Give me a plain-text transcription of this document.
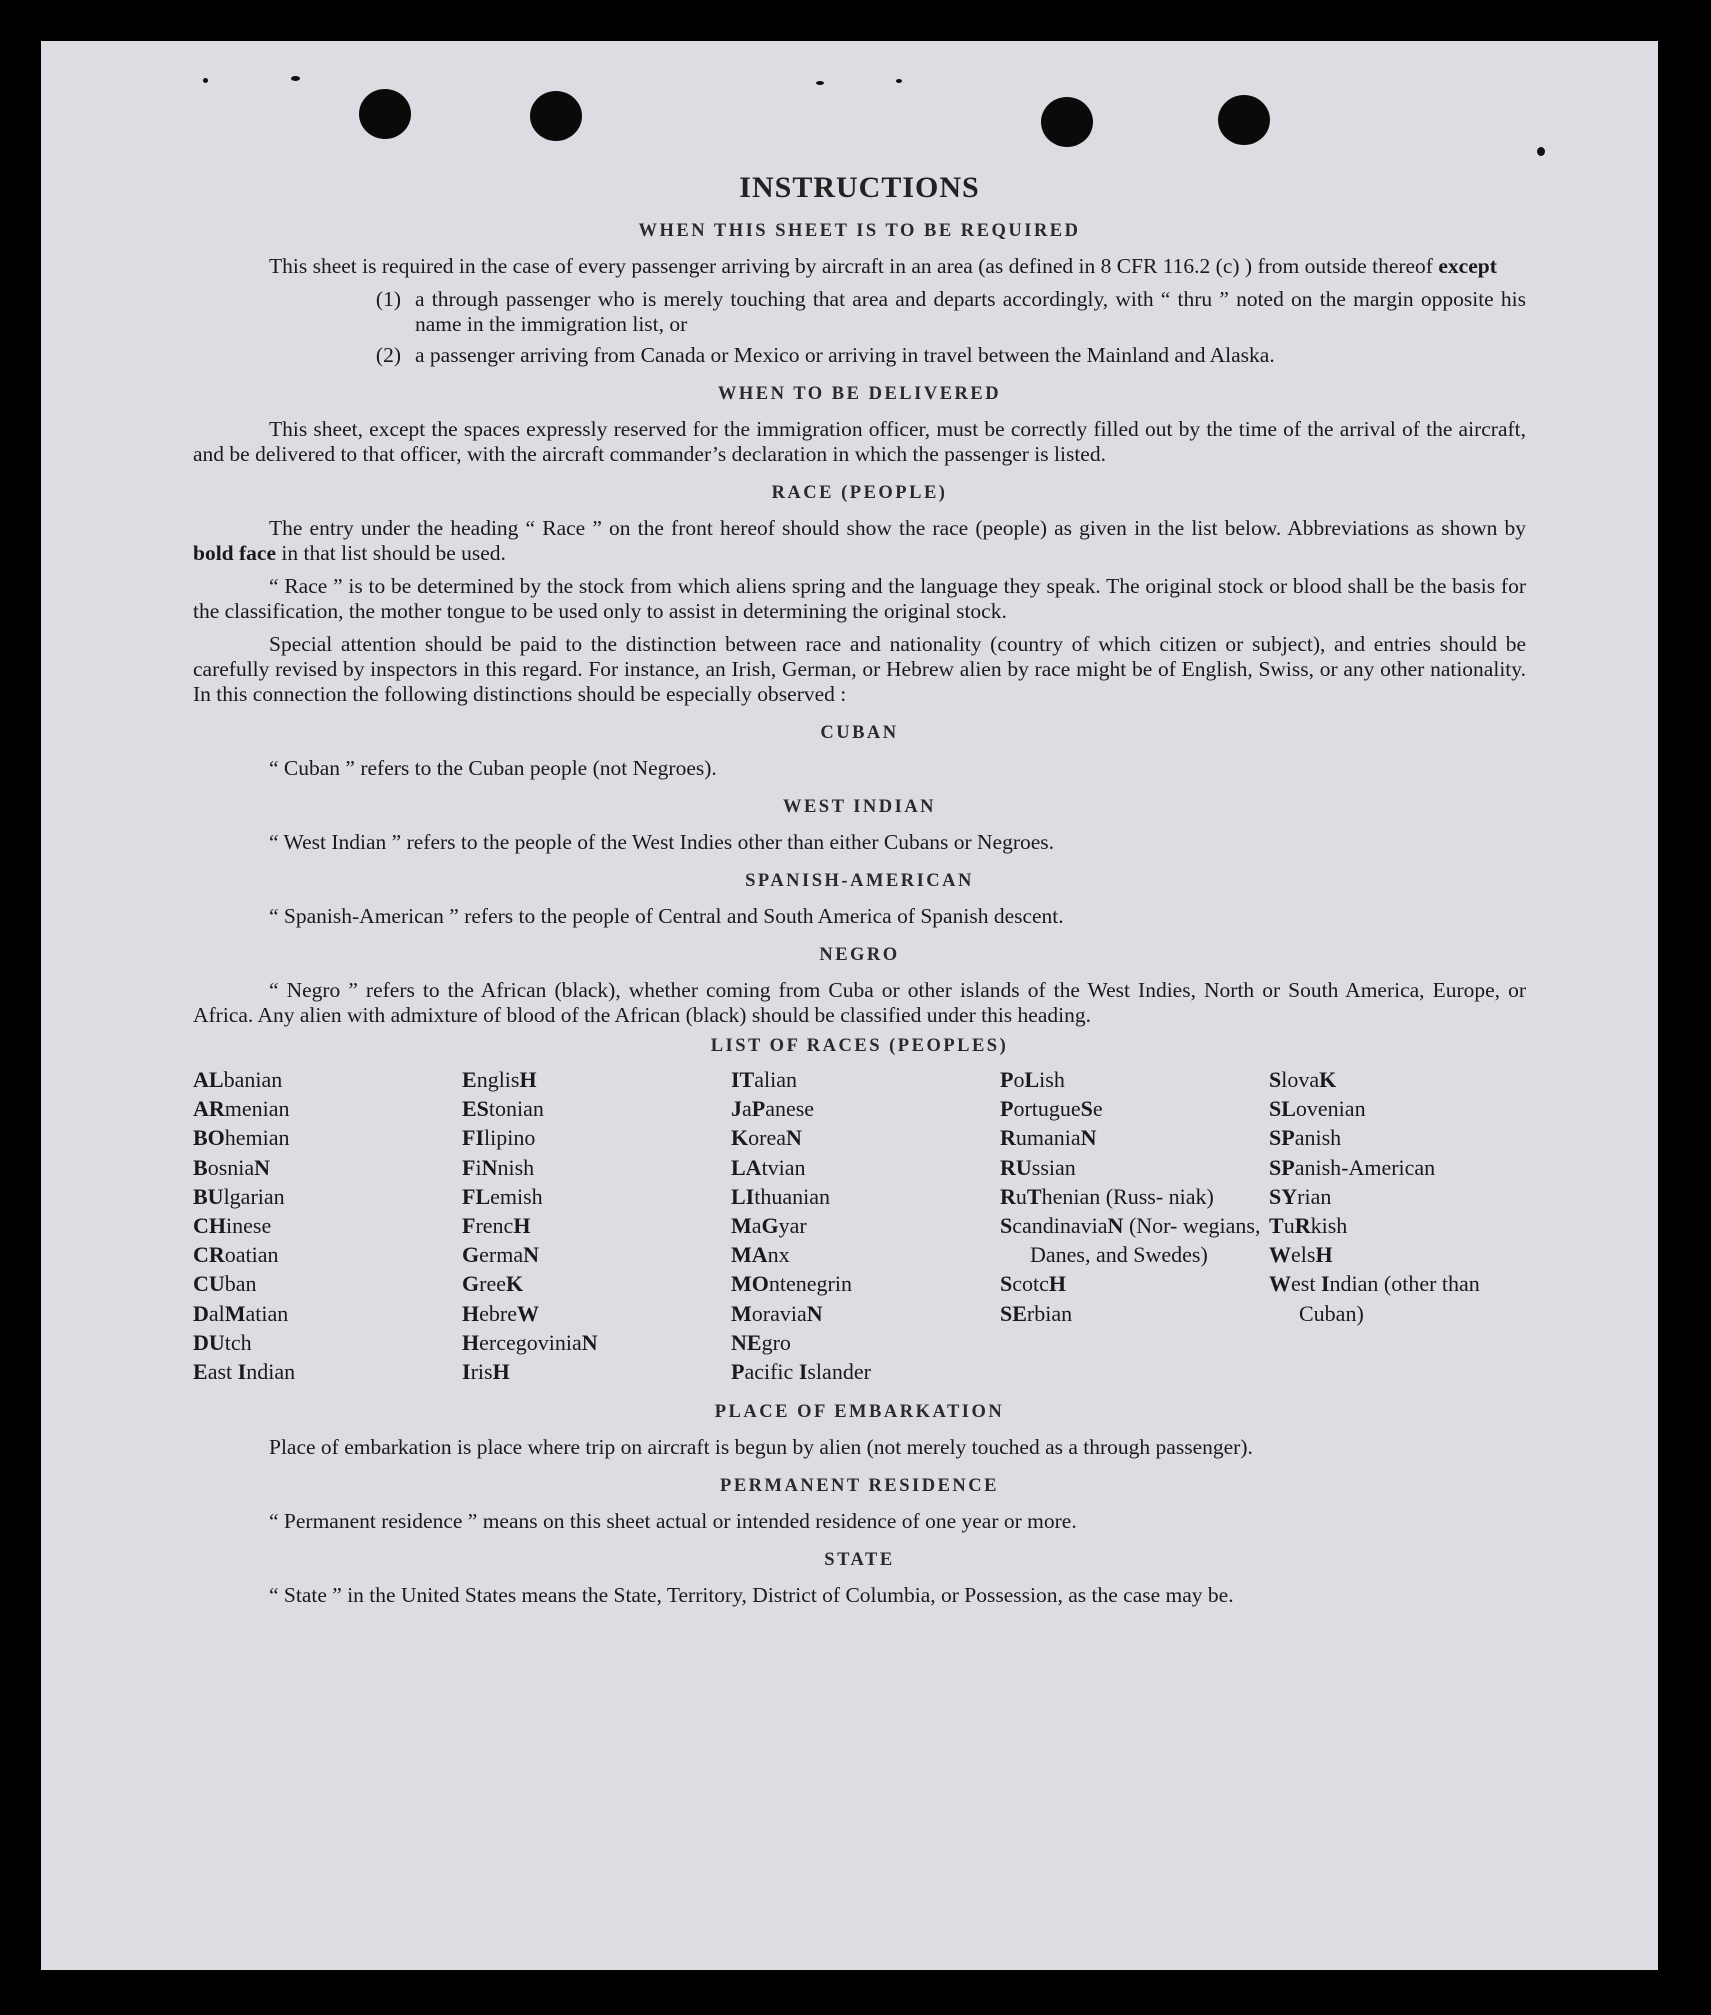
INSTRUCTIONS
WHEN THIS SHEET IS TO BE REQUIRED

This sheet is required in the case of every passenger arriving by aircraft in an area (as defined in 8 CFR 116.2 (c) ) from outside thereof except

(1) a through passenger who is merely touching that area and departs accordingly, with “ thru ” noted on the margin opposite his name in the immigration list, or
(2) a passenger arriving from Canada or Mexico or arriving in travel between the Mainland and Alaska.
WHEN TO BE DELIVERED

This sheet, except the spaces expressly reserved for the immigration officer, must be correctly filled out by the time of the arrival of the aircraft, and be delivered to that officer, with the aircraft commander’s declaration in which the passenger is listed.

RACE (PEOPLE)

The entry under the heading “ Race ” on the front hereof should show the race (people) as given in the list below. Abbreviations as shown by bold face in that list should be used.

“ Race ” is to be determined by the stock from which aliens spring and the language they speak. The original stock or blood shall be the basis for the classification, the mother tongue to be used only to assist in determining the original stock.

Special attention should be paid to the distinction between race and nationality (country of which citizen or subject), and entries should be carefully revised by inspectors in this regard. For instance, an Irish, German, or Hebrew alien by race might be of English, Swiss, or any other nationality. In this connection the following distinctions should be especially observed :

CUBAN

“ Cuban ” refers to the Cuban people (not Negroes).

WEST INDIAN

“ West Indian ” refers to the people of the West Indies other than either Cubans or Negroes.

SPANISH-AMERICAN

“ Spanish-American ” refers to the people of Central and South America of Spanish descent.

NEGRO

“ Negro ” refers to the African (black), whether coming from Cuba or other islands of the West Indies, North or South America, Europe, or Africa. Any alien with admixture of blood of the African (black) should be classified under this heading.

LIST OF RACES (PEOPLES)
ALbanian
ARmenian
BOhemian
BosniaN
BUlgarian
CHinese
CRoatian
CUban
DalMatian
DUtch
East Indian
EnglisH
EStonian
FIlipino
FiNnish
FLemish
FrencH
GermaN
GreeK
HebreW
HercegoviniaN
IrisH
ITalian
JaPanese
KoreaN
LAtvian
LIthuanian
MaGyar
MAnx
MOntenegrin
MoraviaN
NEgro
Pacific Islander
PoLish
PortugueSe
RumaniaN
RUssian
RuThenian (Russ- niak)
ScandinaviaN (Nor- wegians, Danes, and Swedes)
ScotcH
SErbian
SlovaK
SLovenian
SPanish
SPanish-American
SYrian
TuRkish
WelsH
West Indian (other than Cuban)
PLACE OF EMBARKATION

Place of embarkation is place where trip on aircraft is begun by alien (not merely touched as a through passenger).

PERMANENT RESIDENCE

“ Permanent residence ” means on this sheet actual or intended residence of one year or more.

STATE

“ State ” in the United States means the State, Territory, District of Columbia, or Possession, as the case may be.
